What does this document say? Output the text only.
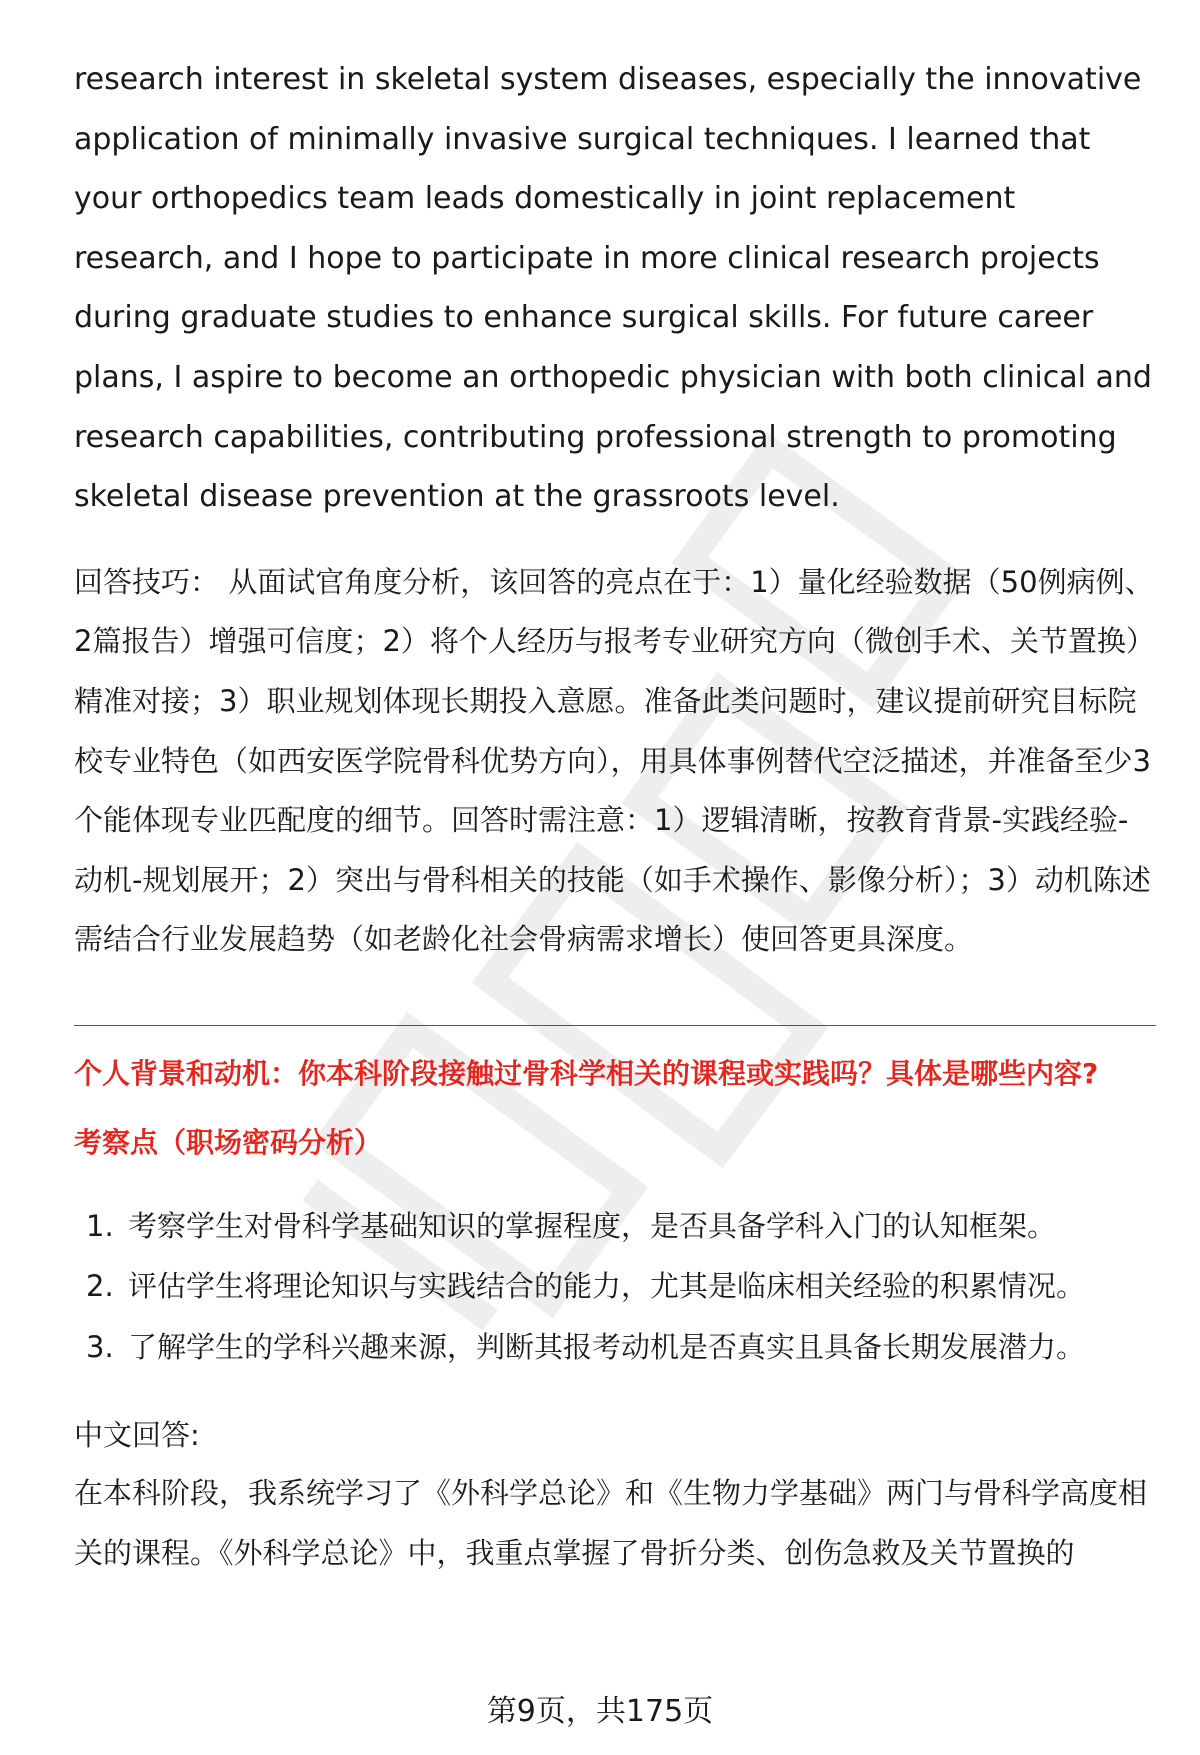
research interest in skeletal system diseases, especially the innovative application of minimally invasive surgical techniques. I learned that your orthopedics team leads domestically in joint replacement research, and I hope to participate in more clinical research projects during graduate studies to enhance surgical skills. For future career plans, I aspire to become an orthopedic physician with both clinical and research capabilities, contributing professional strength to promoting skeletal disease prevention at the grassroots level.

回答技巧： 从面试官角度分析，该回答的亮点在于：1）量化经验数据（50例病例、2篇报告）增强可信度；2）将个人经历与报考专业研究方向（微创手术、关节置换）精准对接；3）职业规划体现长期投入意愿。准备此类问题时，建议提前研究目标院校专业特色（如西安医学院骨科优势方向），用具体事例替代空泛描述，并准备至少3个能体现专业匹配度的细节。回答时需注意：1）逻辑清晰，按教育背景-实践经验-动机-规划展开；2）突出与骨科相关的技能（如手术操作、影像分析）；3）动机陈述需结合行业发展趋势（如老龄化社会骨病需求增长）使回答更具深度。

个人背景和动机：你本科阶段接触过骨科学相关的课程或实践吗？具体是哪些内容?

考察点（职场密码分析）

1. 考察学生对骨科学基础知识的掌握程度，是否具备学科入门的认知框架。
2. 评估学生将理论知识与实践结合的能力，尤其是临床相关经验的积累情况。
3. 了解学生的学科兴趣来源，判断其报考动机是否真实且具备长期发展潜力。

中文回答:

在本科阶段，我系统学习了《外科学总论》和《生物力学基础》两门与骨科学高度相关的课程。《外科学总论》中，我重点掌握了骨折分类、创伤急救及关节置换的

第9页，共175页
